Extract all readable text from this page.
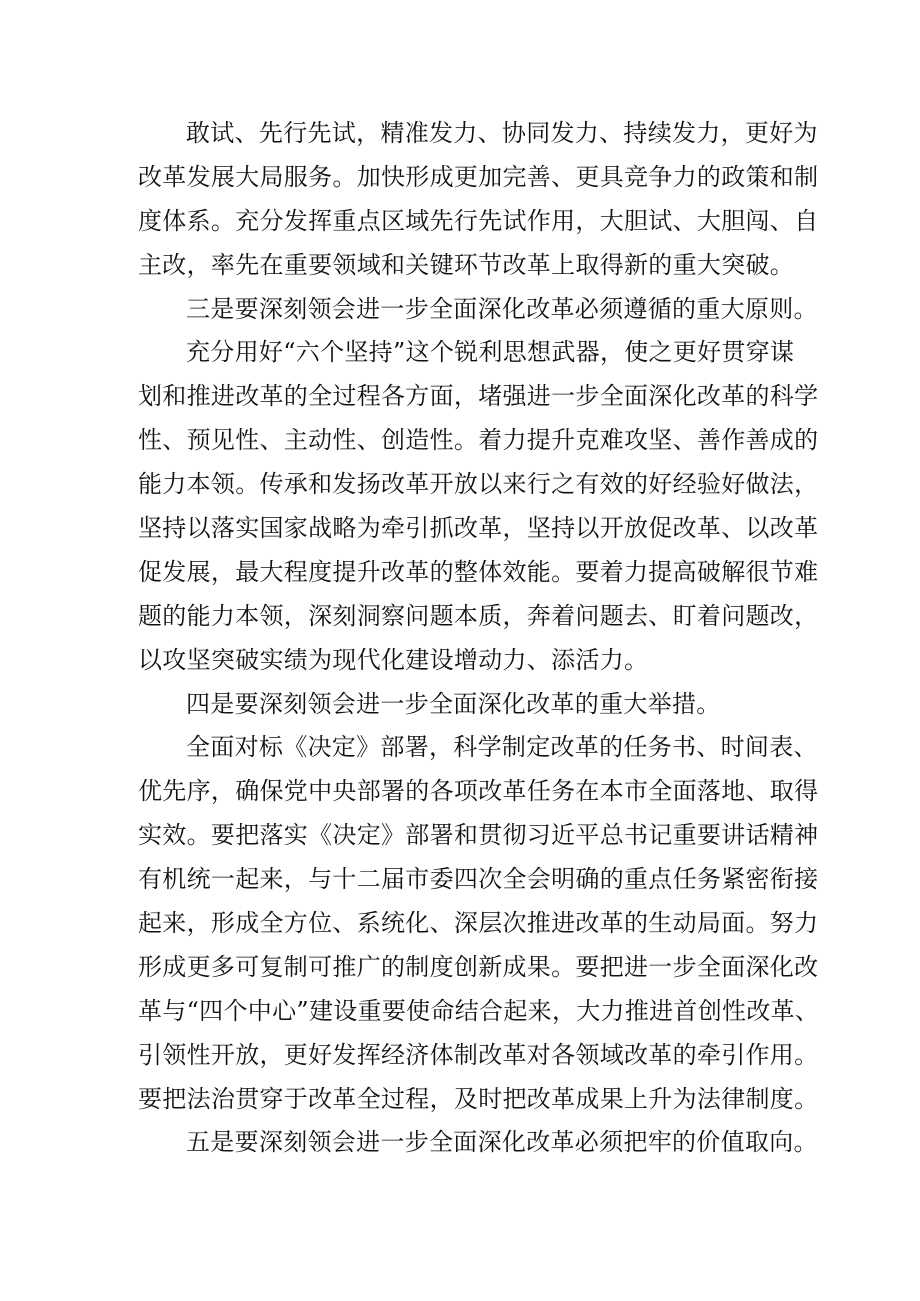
敢试、先行先试，精准发力、协同发力、持续发力，更好为
改革发展大局服务。加快形成更加完善、更具竞争力的政策和制
度体系。充分发挥重点区域先行先试作用，大胆试、大胆闯、自
主改，率先在重要领域和关键环节改革上取得新的重大突破。
三是要深刻领会进一步全面深化改革必须遵循的重大原则。
充分用好“六个坚持”这个锐利思想武器，使之更好贯穿谋
划和推进改革的全过程各方面，堵强进一步全面深化改革的科学
性、预见性、主动性、创造性。着力提升克难攻坚、善作善成的
能力本领。传承和发扬改革开放以来行之有效的好经验好做法，
坚持以落实国家战略为牵引抓改革，坚持以开放促改革、以改革
促发展，最大程度提升改革的整体效能。要着力提高破解很节难
题的能力本领，深刻洞察问题本质，奔着问题去、盯着问题改，
以攻坚突破实绩为现代化建设增动力、添活力。
四是要深刻领会进一步全面深化改革的重大举措。
全面对标《决定》部署，科学制定改革的任务书、时间表、
优先序，确保党中央部署的各项改革任务在本市全面落地、取得
实效。要把落实《决定》部署和贯彻习近平总书记重要讲话精神
有机统一起来，与十二届市委四次全会明确的重点任务紧密衔接
起来，形成全方位、系统化、深层次推进改革的生动局面。努力
形成更多可复制可推广的制度创新成果。要把进一步全面深化改
革与“四个中心”建设重要使命结合起来，大力推进首创性改革、
引领性开放，更好发挥经济体制改革对各领域改革的牵引作用。
要把法治贯穿于改革全过程，及时把改革成果上升为法律制度。
五是要深刻领会进一步全面深化改革必须把牢的价值取向。
